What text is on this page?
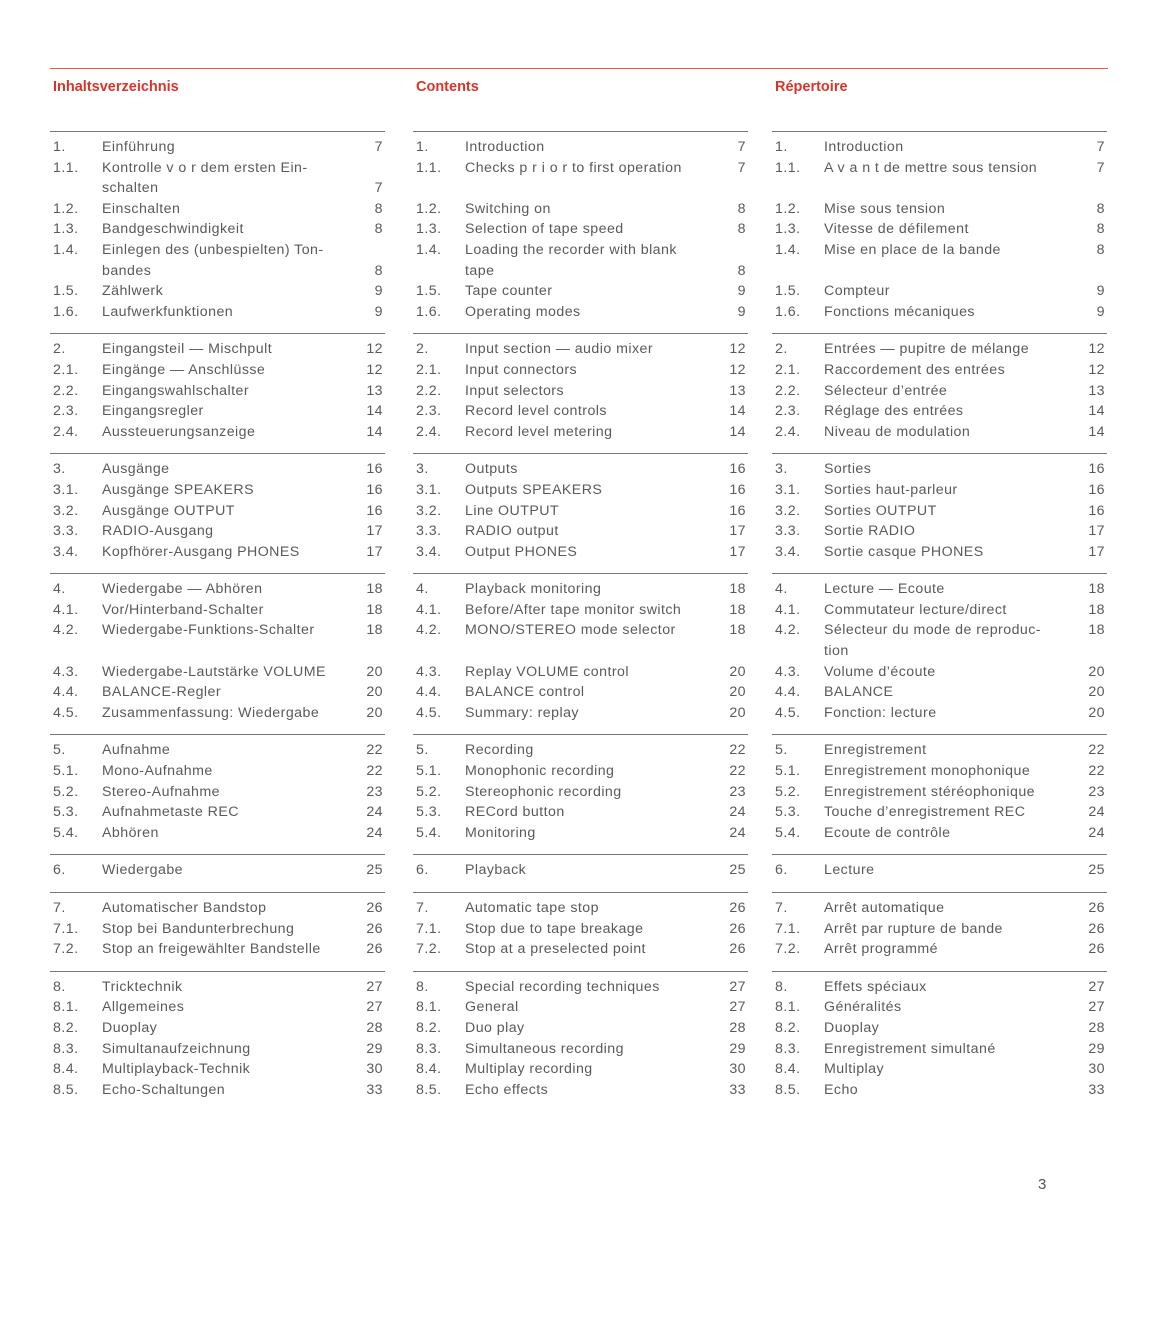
Inhaltsverzeichnis
1.	Einführung	7
1.1.	Kontrolle v o r dem ersten Ein-
schalten	7
1.2.	Einschalten	8
1.3.	Bandgeschwindigkeit	8
1.4.	Einlegen des (unbespielten) Ton-
bandes	8
1.5.	Zählwerk	9
1.6.	Laufwerkfunktionen	9
2.	Eingangsteil — Mischpult	12
2.1.	Eingänge — Anschlüsse	12
2.2.	Eingangswahlschalter	13
2.3.	Eingangsregler	14
2.4.	Aussteuerungsanzeige	14
3.	Ausgänge	16
3.1.	Ausgänge SPEAKERS	16
3.2.	Ausgänge OUTPUT	16
3.3.	RADIO-Ausgang	17
3.4.	Kopfhörer-Ausgang PHONES	17
4.	Wiedergabe — Abhören	18
4.1.	Vor/Hinterband-Schalter	18
4.2.	Wiedergabe-Funktions-Schalter	18
4.3.	Wiedergabe-Lautstärke VOLUME	20
4.4.	BALANCE-Regler	20
4.5.	Zusammenfassung: Wiedergabe	20
5.	Aufnahme	22
5.1.	Mono-Aufnahme	22
5.2.	Stereo-Aufnahme	23
5.3.	Aufnahmetaste REC	24
5.4.	Abhören	24
6.	Wiedergabe	25
7.	Automatischer Bandstop	26
7.1.	Stop bei Bandunterbrechung	26
7.2.	Stop an freigewählter Bandstelle	26
8.	Tricktechnik	27
8.1.	Allgemeines	27
8.2.	Duoplay	28
8.3.	Simultanaufzeichnung	29
8.4.	Multiplayback-Technik	30
8.5.	Echo-Schaltungen	33
Contents
1.	Introduction	7
1.1.	Checks p r i o r to first operation	7
1.2.	Switching on	8
1.3.	Selection of tape speed	8
1.4.	Loading the recorder with blank
tape	8
1.5.	Tape counter	9
1.6.	Operating modes	9
2.	Input section — audio mixer	12
2.1.	Input connectors	12
2.2.	Input selectors	13
2.3.	Record level controls	14
2.4.	Record level metering	14
3.	Outputs	16
3.1.	Outputs SPEAKERS	16
3.2.	Line OUTPUT	16
3.3.	RADIO output	17
3.4.	Output PHONES	17
4.	Playback monitoring	18
4.1.	Before/After tape monitor switch	18
4.2.	MONO/STEREO mode selector	18
4.3.	Replay VOLUME control	20
4.4.	BALANCE control	20
4.5.	Summary: replay	20
5.	Recording	22
5.1.	Monophonic recording	22
5.2.	Stereophonic recording	23
5.3.	RECord button	24
5.4.	Monitoring	24
6.	Playback	25
7.	Automatic tape stop	26
7.1.	Stop due to tape breakage	26
7.2.	Stop at a preselected point	26
8.	Special recording techniques	27
8.1.	General	27
8.2.	Duo play	28
8.3.	Simultaneous recording	29
8.4.	Multiplay recording	30
8.5.	Echo effects	33
Répertoire
1.	Introduction	7
1.1.	A v a n t de mettre sous tension	7
1.2.	Mise sous tension	8
1.3.	Vitesse de défilement	8
1.4.	Mise en place de la bande	8
1.5.	Compteur	9
1.6.	Fonctions mécaniques	9
2.	Entrées — pupitre de mélange	12
2.1.	Raccordement des entrées	12
2.2.	Sélecteur d’entrée	13
2.3.	Réglage des entrées	14
2.4.	Niveau de modulation	14
3.	Sorties	16
3.1.	Sorties haut-parleur	16
3.2.	Sorties OUTPUT	16
3.3.	Sortie RADIO	17
3.4.	Sortie casque PHONES	17
4.	Lecture — Ecoute	18
4.1.	Commutateur lecture/direct	18
4.2.	Sélecteur du mode de reproduc-	18
tion
4.3.	Volume d’écoute	20
4.4.	BALANCE	20
4.5.	Fonction: lecture	20
5.	Enregistrement	22
5.1.	Enregistrement monophonique	22
5.2.	Enregistrement stéréophonique	23
5.3.	Touche d’enregistrement REC	24
5.4.	Ecoute de contrôle	24
6.	Lecture	25
7.	Arrêt automatique	26
7.1.	Arrêt par rupture de bande	26
7.2.	Arrêt programmé	26
8.	Effets spéciaux	27
8.1.	Généralités	27
8.2.	Duoplay	28
8.3.	Enregistrement simultané	29
8.4.	Multiplay	30
8.5.	Echo	33
3
